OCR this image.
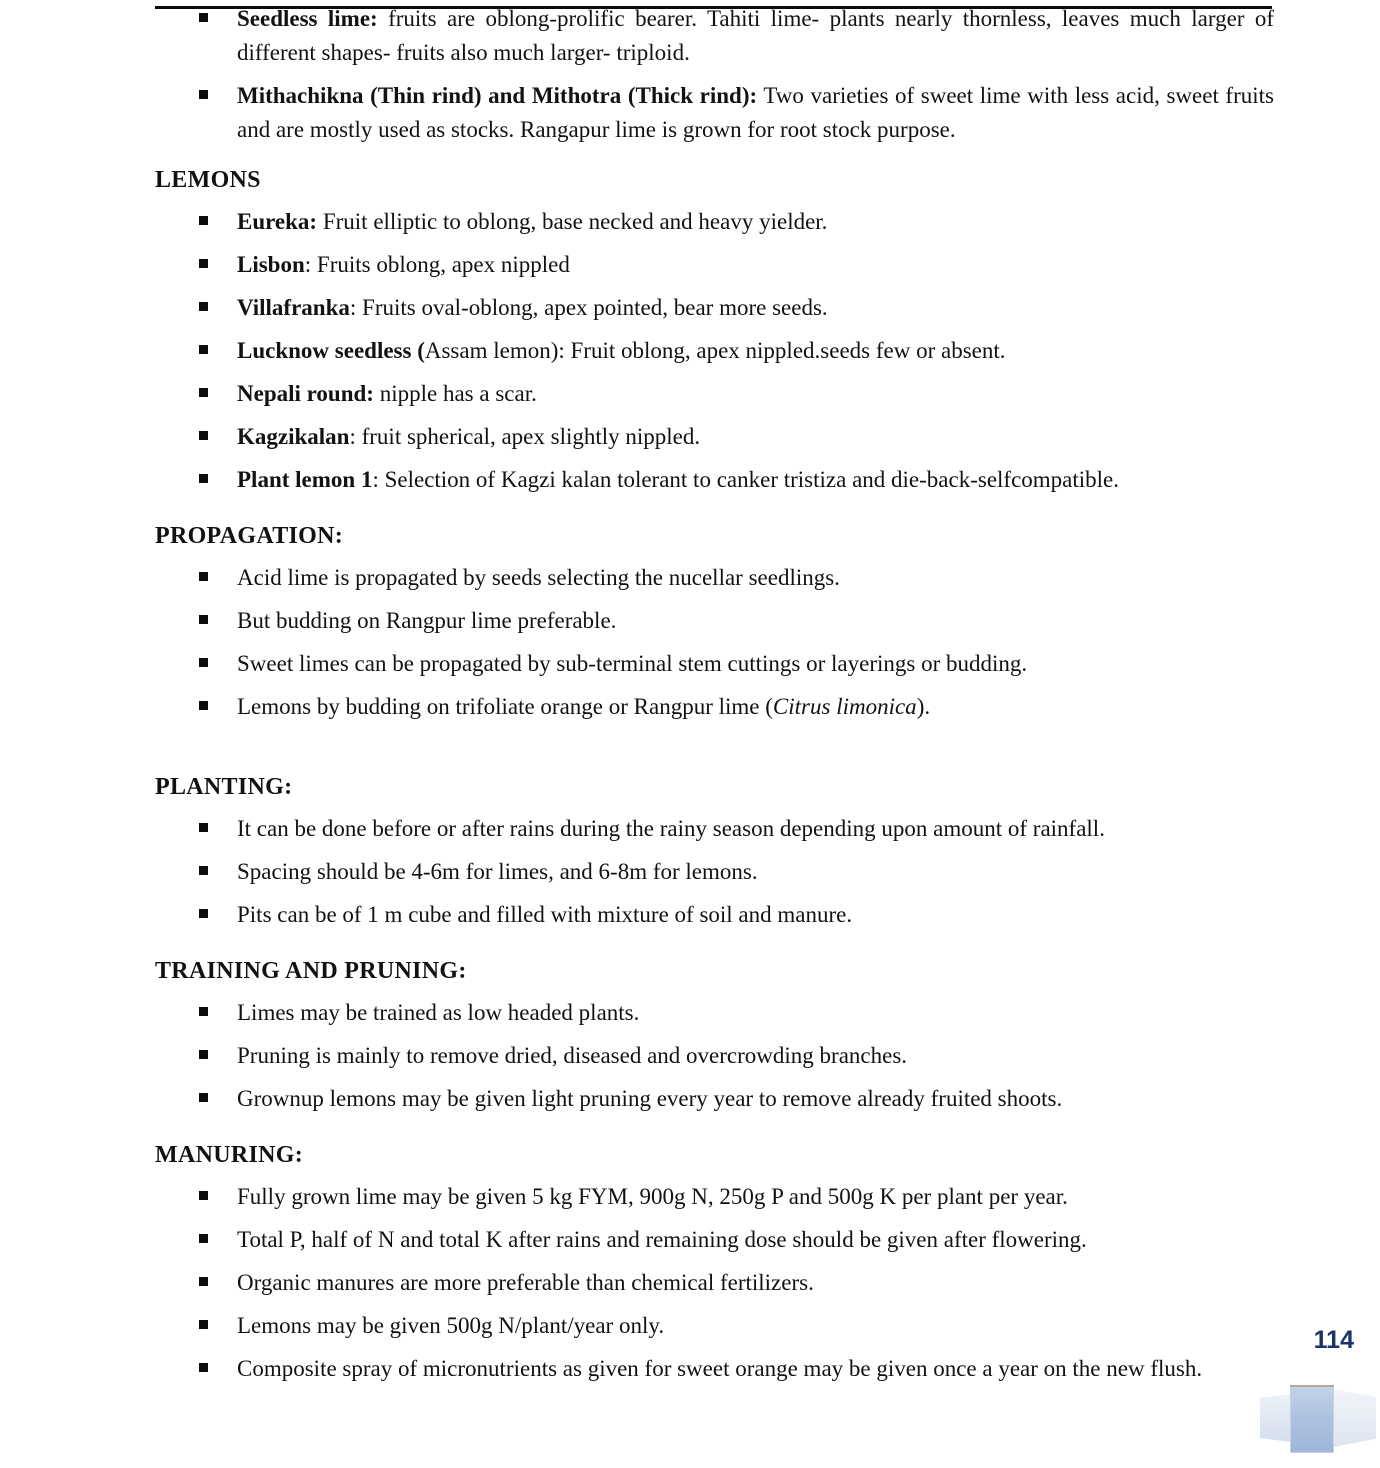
Seedless lime: fruits are oblong-prolific bearer. Tahiti lime- plants nearly thornless, leaves much larger of different shapes- fruits also much larger- triploid.

Mithachikna (Thin rind) and Mithotra (Thick rind): Two varieties of sweet lime with less acid, sweet fruits and are mostly used as stocks. Rangapur lime is grown for root stock purpose.

LEMONS

Eureka: Fruit elliptic to oblong, base necked and heavy yielder.

Lisbon: Fruits oblong, apex nippled

Villafranka: Fruits oval-oblong, apex pointed, bear more seeds.

Lucknow seedless (Assam lemon): Fruit oblong, apex nippled.seeds few or absent.

Nepali round: nipple has a scar.

Kagzikalan: fruit spherical, apex slightly nippled.

Plant lemon 1: Selection of Kagzi kalan tolerant to canker tristiza and die-back-selfcompatible.

PROPAGATION:

Acid lime is propagated by seeds selecting the nucellar seedlings.

But budding on Rangpur lime preferable.

Sweet limes can be propagated by sub-terminal stem cuttings or layerings or budding.

Lemons by budding on trifoliate orange or Rangpur lime (Citrus limonica).

PLANTING:

It can be done before or after rains during the rainy season depending upon amount of rainfall.

Spacing should be 4-6m for limes, and 6-8m for lemons.

Pits can be of 1 m cube and filled with mixture of soil and manure.

TRAINING AND PRUNING:

Limes may be trained as low headed plants.

Pruning is mainly to remove dried, diseased and overcrowding branches.

Grownup lemons may be given light pruning every year to remove already fruited shoots.

MANURING:

Fully grown lime may be given 5 kg FYM, 900g N, 250g P and 500g K per plant per year.

Total P, half of N and total K after rains and remaining dose should be given after flowering.

Organic manures are more preferable than chemical fertilizers.

Lemons may be given 500g N/plant/year only.

Composite spray of micronutrients as given for sweet orange may be given once a year on the new flush.

114
